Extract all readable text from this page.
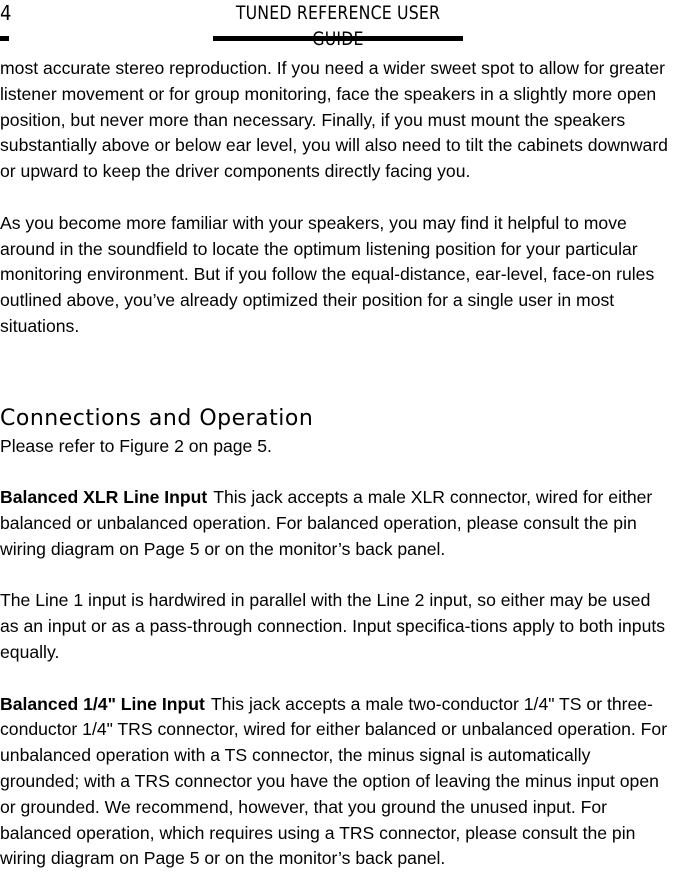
4	TUNED REFERENCE USER

most accurate stereo reproduction. If you need a wider sweet spot to allow for greater listener movement or for group monitoring, face the speakers in a slightly more open position, but never more than necessary. Finally, if you must mount the speakers substantially above or below ear level, you will also need to tilt the cabinets downward or upward to keep the driver components directly facing you.

As you become more familiar with your speakers, you may find it helpful to move around in the soundfield to locate the optimum listening position for your particular monitoring environment. But if you follow the equal-distance, ear-level, face-on rules outlined above, you’ve already optimized their position for a single user in most situations.

Connections and Operation

Please refer to Figure 2 on page 5.

Balanced XLR Line Input This jack accepts a male XLR connector, wired for either balanced or unbalanced operation. For balanced operation, please consult the pin wiring diagram on Page 5 or on the monitor’s back panel.

The Line 1 input is hardwired in parallel with the Line 2 input, so either may be used as an input or as a pass-through connection. Input specifica-tions apply to both inputs equally.

Balanced 1/4" Line Input This jack accepts a male two-conductor 1/4" TS or three-conductor 1/4" TRS connector, wired for either balanced or unbalanced operation. For unbalanced operation with a TS connector, the minus signal is automatically grounded; with a TRS connector you have the option of leaving the minus input open or grounded. We recommend, however, that you ground the unused input. For balanced operation, which requires using a TRS connector, please consult the pin wiring diagram on Page 5 or on the monitor’s back panel.
